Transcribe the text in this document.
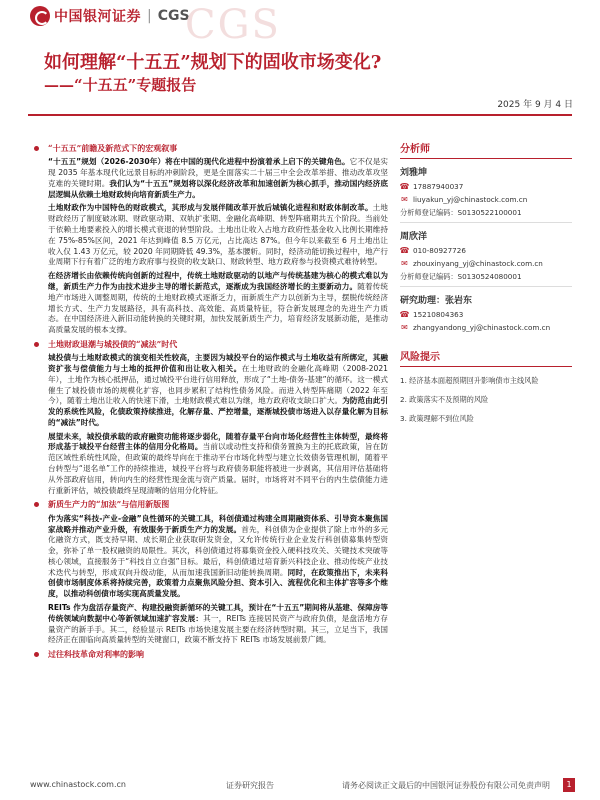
中国银河证券 | CGS
CGS
如何理解“十五五”规划下的固收市场变化?
——“十五五”专题报告
2025 年 9 月 4 日
“十五五”前瞻及新范式下的宏观叙事

“十五五”规划（2026-2030年）将在中国的现代化进程中扮演着承上启下的关键角色。它不仅是实现 2035 年基本现代化远景目标的冲刺阶段，更是全面落实二十届三中全会改革举措、推动改革攻坚克难的关键时期。我们认为“十五五”规划将以深化经济改革和加速创新为核心抓手，推动国内经济底层逻辑从依赖土地财政转向培育新质生产力。

土地财政作为中国特色的财政模式，其形成与发展伴随改革开放后城镇化进程和财政体制改革。土地财政经历了制度破冰期、财政驱动期、双轨扩张期、金融化高峰期、转型阵痛期共五个阶段。当前处于依赖土地要素投入的增长模式衰退的转型阶段。土地出让收入占地方政府性基金收入比例长期维持在 75%-85%区间，2021 年达到峰值 8.5 万亿元，占比高达 87%。但今年以来截至 6 月土地出让收入仅 1.43 万亿元，较 2020 年同期降低 49.3%，基本腰斩。同时，经济动能切换过程中，地产行业周期下行有着广泛的地方政府事与投资的收支缺口、财政转型、地方政府参与投资模式难待转型。

在经济增长由依赖传统向创新的过程中，传统土地财政驱动的以地产与传统基建为核心的模式难以为继，新质生产力作为由技术进步主导的增长新范式，逐渐成为我国经济增长的主要新动力。随着传统地产市场进入调整周期，传统的土地财政模式逐渐乏力，而新质生产力以创新为主导，摆脱传统经济增长方式、生产力发展路径，具有高科技、高效能、高质量特征，符合新发展理念的先进生产力质态。在中国经济进入新旧动能转换的关键时期，加快发展新质生产力，培育经济发展新动能，是推动高质量发展的根本支撑。

土地财政退潮与城投债的“减法”时代

城投债与土地财政模式的演变相关性较高，主要因为城投平台的运作模式与土地收益有所绑定，其融资扩张与偿债能力与土地的抵押价值和出让收入相关。在土地财政的金融化高峰期（2008-2021 年），土地作为核心抵押品，通过城投平台进行信用释放，形成了“土地-债务-基建”的循环。这一模式催生了城投债市场的规模化扩容，也同步累积了结构性债务风险。而进入转型阵痛期（2022 年至今），随着土地出让收入的快速下滑，土地财政模式难以为继，地方政府收支缺口扩大。为防范由此引发的系统性风险，化债政策持续推进，化解存量、严控增量，逐渐城投债市场进入以存量化解为目标的“减法”时代。

展望未来，城投债承载的政府融资功能将逐步弱化，随着存量平台向市场化经营性主体转型，最终将形成基于城投平台经营主体的信用分化格局。当前以或动性支持和债务置换为主的托底政策，旨在防范区域性系统性风险，但政策的最终导向在于推动平台市场化转型与建立长效债务管理机制，随着平台转型与“退名单”工作的持续推进，城投平台将与政府债务职能将被进一步剥离，其信用评估基础将从外部政府信用，转向内生的经营性现金流与资产质量。届时，市场将对不同平台的内生偿债能力进行重新评估，城投债最终呈现清晰的信用分化特征。

新质生产力的“加法”与信用新版图

作为落实“科技-产业-金融”良性循环的关键工具，科创债通过构建全周期融资体系、引导资本聚焦国家战略并推动产业升级，有效服务于新质生产力的发展。首先，科创债为企业提供了除上市外的多元化融资方式，既支持早期、成长期企业获取研发资金，又允许传统行业企业发行科创债募集转型资金，弥补了单一股权融资的局限性。其次，科创债通过将募集资金投入硬科技攻关、关键技术突破等核心领域，直接服务于“科技自立自强”目标。最后，科创债通过培育新兴科技企业、推动传统产业技术迭代与转型，形成双向升级动能，从而加速我国新旧动能转换周期。同时，在政策推出下，未来科创债市场制度体系将持续完善，政策着力点聚焦风险分担、资本引入、流程优化和主体扩容等多个维度，以推动科创债市场实现高质量发展。

REITs 作为盘活存量资产、构建投融资新循环的关键工具，预计在“十五五”期间将从基建、保障房等传统领域向数据中心等新领域加速扩容发展：其一，REITs 连接居民资产与政府负债，是盘活地方存量资产的新手手。其二，经验显示 REITs 市场快速发展主要在经济转型时期。其三，立足当下，我国经济正在面临向高质量转型的关键窗口，政策不断支持下 REITs 市场发展前景广阔。

过往科技革命对利率的影响
分析师
刘雅坤
☎ 17887940037
✉ liuyakun_yj@chinastock.com.cn
分析师登记编码：S0130522100001
周欣洋
☎ 010-80927726
✉ zhouxinyang_yj@chinastock.com.cn
分析师登记编码：S0130524080001
研究助理：张岩东
☎ 15210804363
✉ zhangyandong_yj@chinastock.com.cn
风险提示
1. 经济基本面超预期回升影响债市主线风险
2. 政策落实不及预期的风险
3. 政策理解不到位风险
www.chinastock.com.cn	证券研究报告	请务必阅读正文最后的中国银河证券股份有限公司免责声明	1
